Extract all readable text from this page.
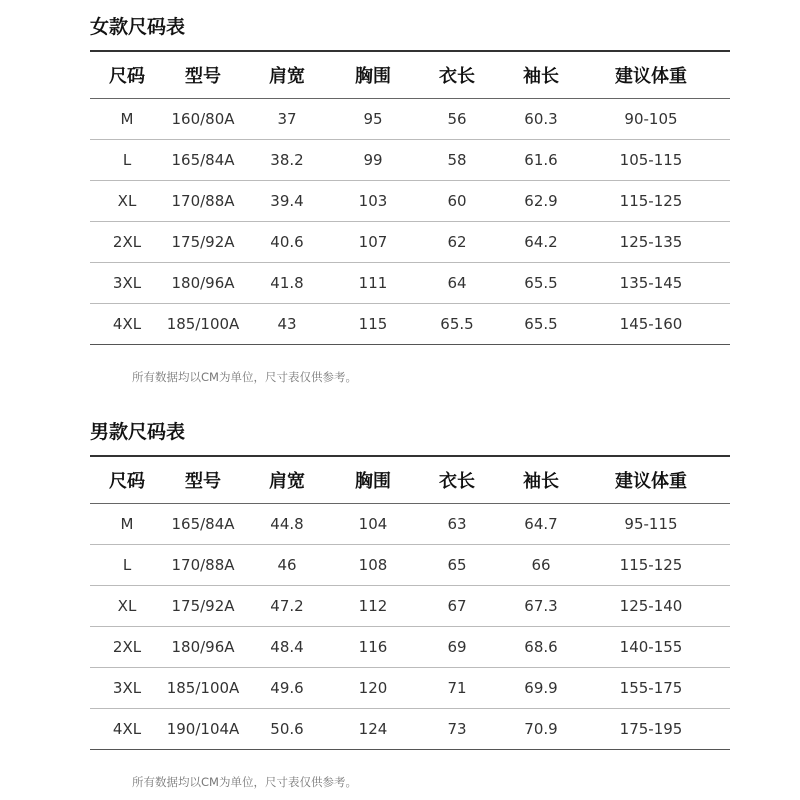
女款尺码表
尺码 型号	肩宽	胸围	衣长	袖长	建议体重
M	160/80A	37	95	56	60.3	90-105
L	165/84A 38.2	99	58	61.6	105-115
XL 170/88A 39.4	103	60	62.9	115-125
2XL 175/92A 40.6	107	62	64.2	125-135
3XL 180/96A 41.8	111	64	65.5	135-145
4XL 185/100A	43	115	65.5	65.5	145-160
所有数据均以CM为单位，尺寸表仅供参考。
男款尺码表
尺码 型号	肩宽	胸围	衣长	袖长	建议体重
M	165/84A 44.8	104	63	64.7	95-115
L	170/88A	46	108	65	66	115-125
XL 175/92A 47.2	112	67	67.3	125-140
2XL 180/96A 48.4	116	69	68.6	140-155
3XL 185/100A 49.6	120	71	69.9	155-175
4XL 190/104A 50.6	124	73	70.9	175-195
所有数据均以CM为单位，尺寸表仅供参考。
